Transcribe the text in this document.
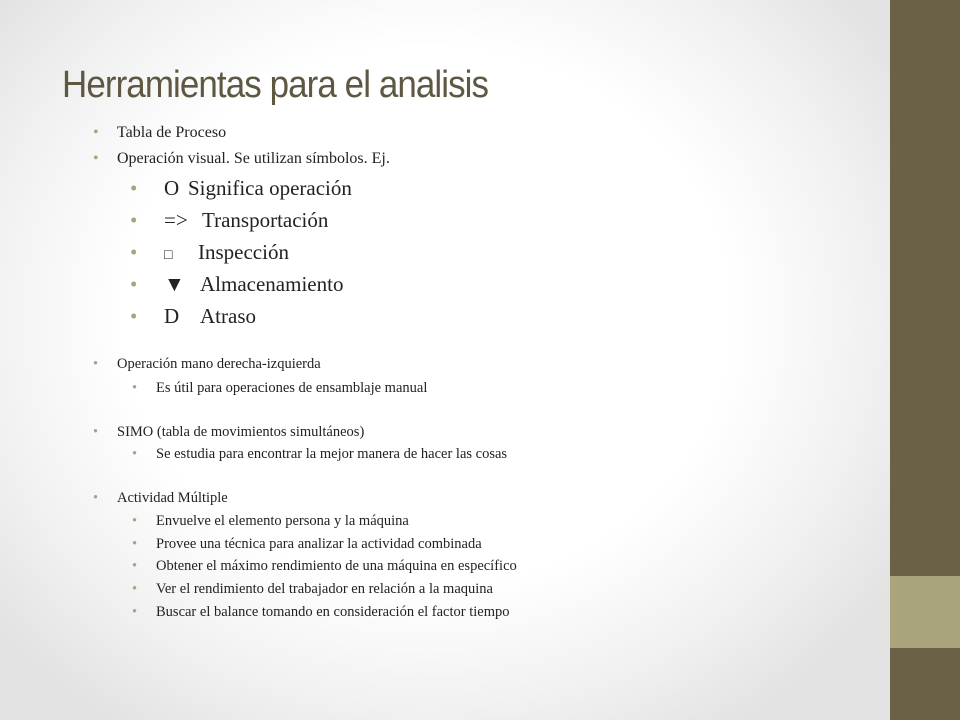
Herramientas para el analisis
• Tabla de Proceso
• Operación visual. Se utilizan símbolos. Ej.
• O Significa operación
• => Transportación
• □ Inspección
• ▼ Almacenamiento
• D Atraso
• Operación mano derecha-izquierda
• Es útil para operaciones de ensamblaje manual
• SIMO (tabla de movimientos simultáneos)
• Se estudia para encontrar la mejor manera de hacer las cosas
• Actividad Múltiple
• Envuelve el elemento persona y la máquina
• Provee una técnica para analizar la actividad combinada
• Obtener el máximo rendimiento de una máquina en específico
• Ver el rendimiento del trabajador en relación a la maquina
• Buscar el balance tomando en consideración el factor tiempo
